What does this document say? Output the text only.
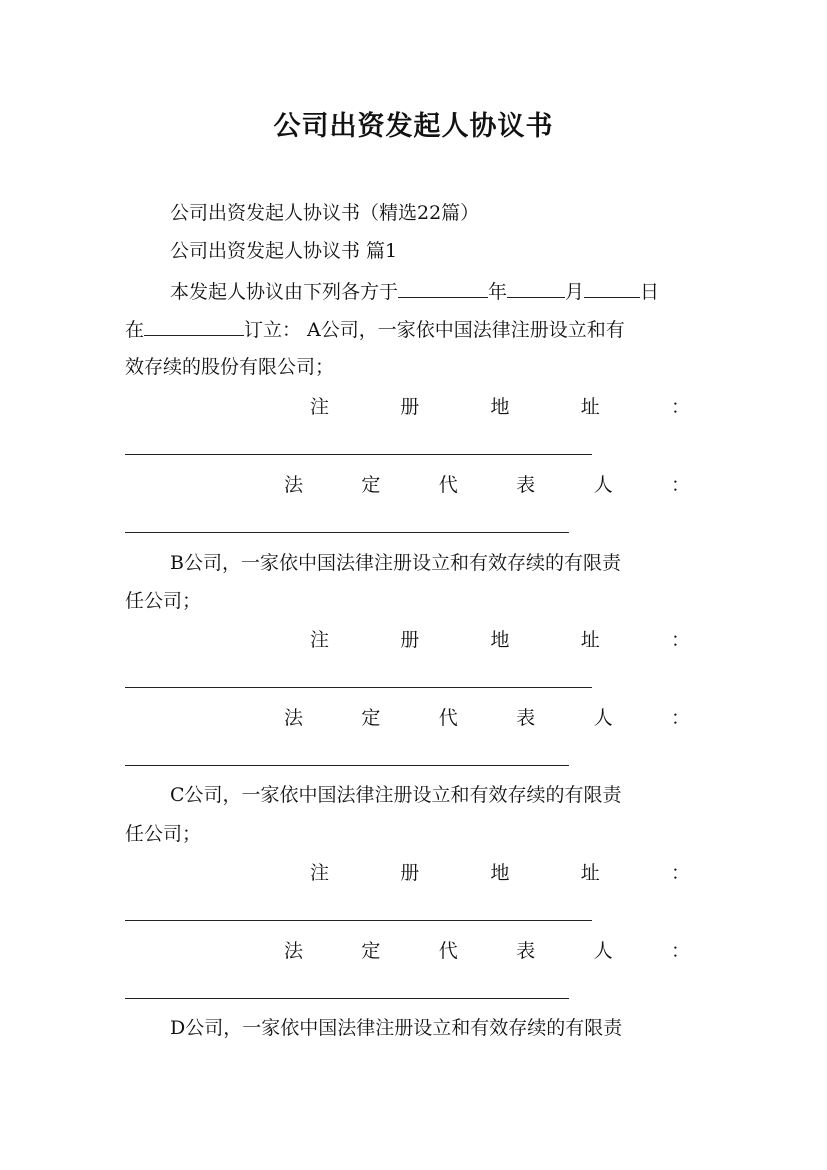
公司出资发起人协议书
公司出资发起人协议书（精选22篇）
公司出资发起人协议书 篇1
本发起人协议由下列各方于	年	月	日
在	订立： A公司，一家依中国法律注册设立和有
效存续的股份有限公司；
注	册	地	址	：
法	定	代	表	人	：
B公司，一家依中国法律注册设立和有效存续的有限责
任公司；
注	册	地	址	：
法	定	代	表	人	：
C公司，一家依中国法律注册设立和有效存续的有限责
任公司；
注	册	地	址	：
法	定	代	表	人	：
D公司，一家依中国法律注册设立和有效存续的有限责
